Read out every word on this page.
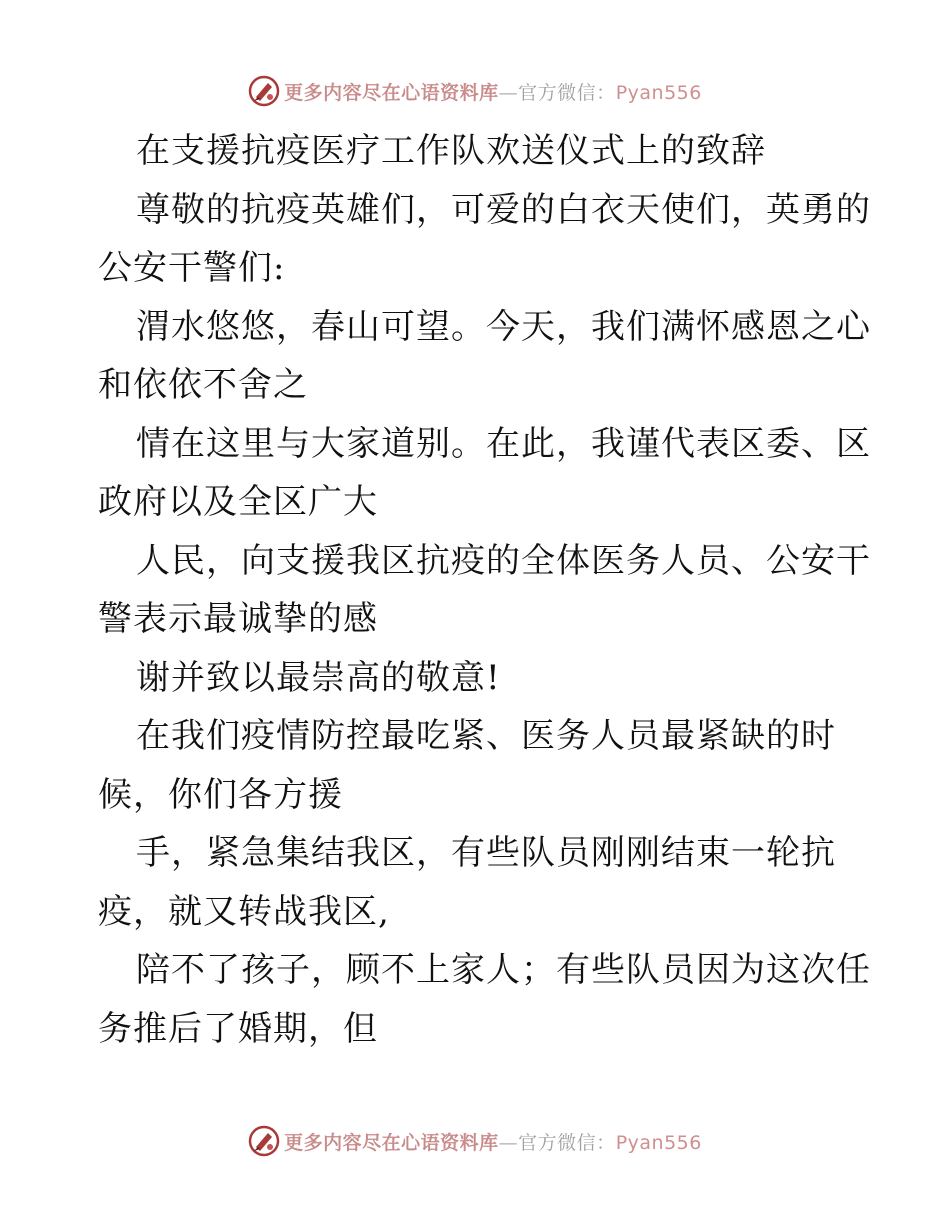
更多内容尽在心语资料库—官方微信：Pyan556
在支援抗疫医疗工作队欢送仪式上的致辞
尊敬的抗疫英雄们，可爱的白衣天使们，英勇的
公安干警们:
渭水悠悠，春山可望。今天，我们满怀感恩之心
和依依不舍之
情在这里与大家道别。在此，我谨代表区委、区
政府以及全区广大
人民，向支援我区抗疫的全体医务人员、公安干
警表示最诚挚的感
谢并致以最崇高的敬意!
在我们疫情防控最吃紧、医务人员最紧缺的时
候，你们各方援
手，紧急集结我区，有些队员刚刚结束一轮抗
疫，就又转战我区,
陪不了孩子，顾不上家人；有些队员因为这次任
务推后了婚期，但
更多内容尽在心语资料库—官方微信：Pyan556
